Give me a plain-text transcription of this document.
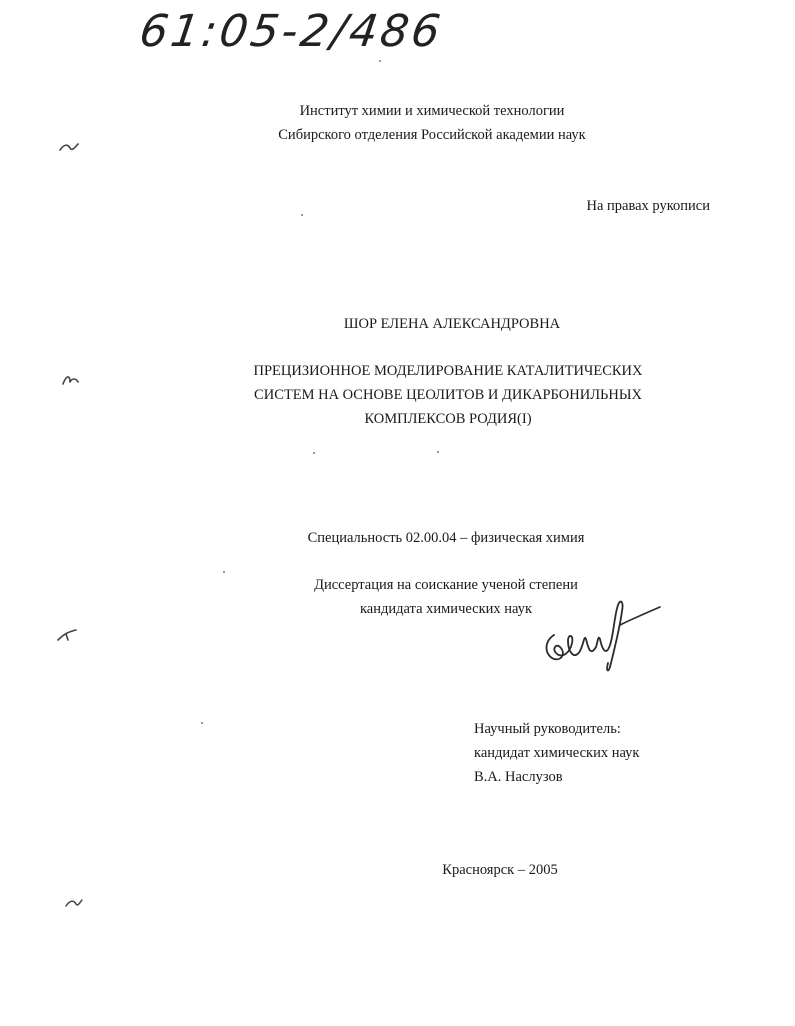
61:05-2/486
Институт химии и химической технологии
Сибирского отделения Российской академии наук
На правах рукописи
ШОР ЕЛЕНА АЛЕКСАНДРОВНА
ПРЕЦИЗИОННОЕ МОДЕЛИРОВАНИЕ КАТАЛИТИЧЕСКИХ
СИСТЕМ НА ОСНОВЕ ЦЕОЛИТОВ И ДИКАРБОНИЛЬНЫХ
КОМПЛЕКСОВ РОДИЯ(I)
Специальность 02.00.04 – физическая химия
Диссертация на соискание ученой степени
кандидата химических наук
Научный руководитель:
кандидат химических наук
В.А. Наслузов
Красноярск – 2005
